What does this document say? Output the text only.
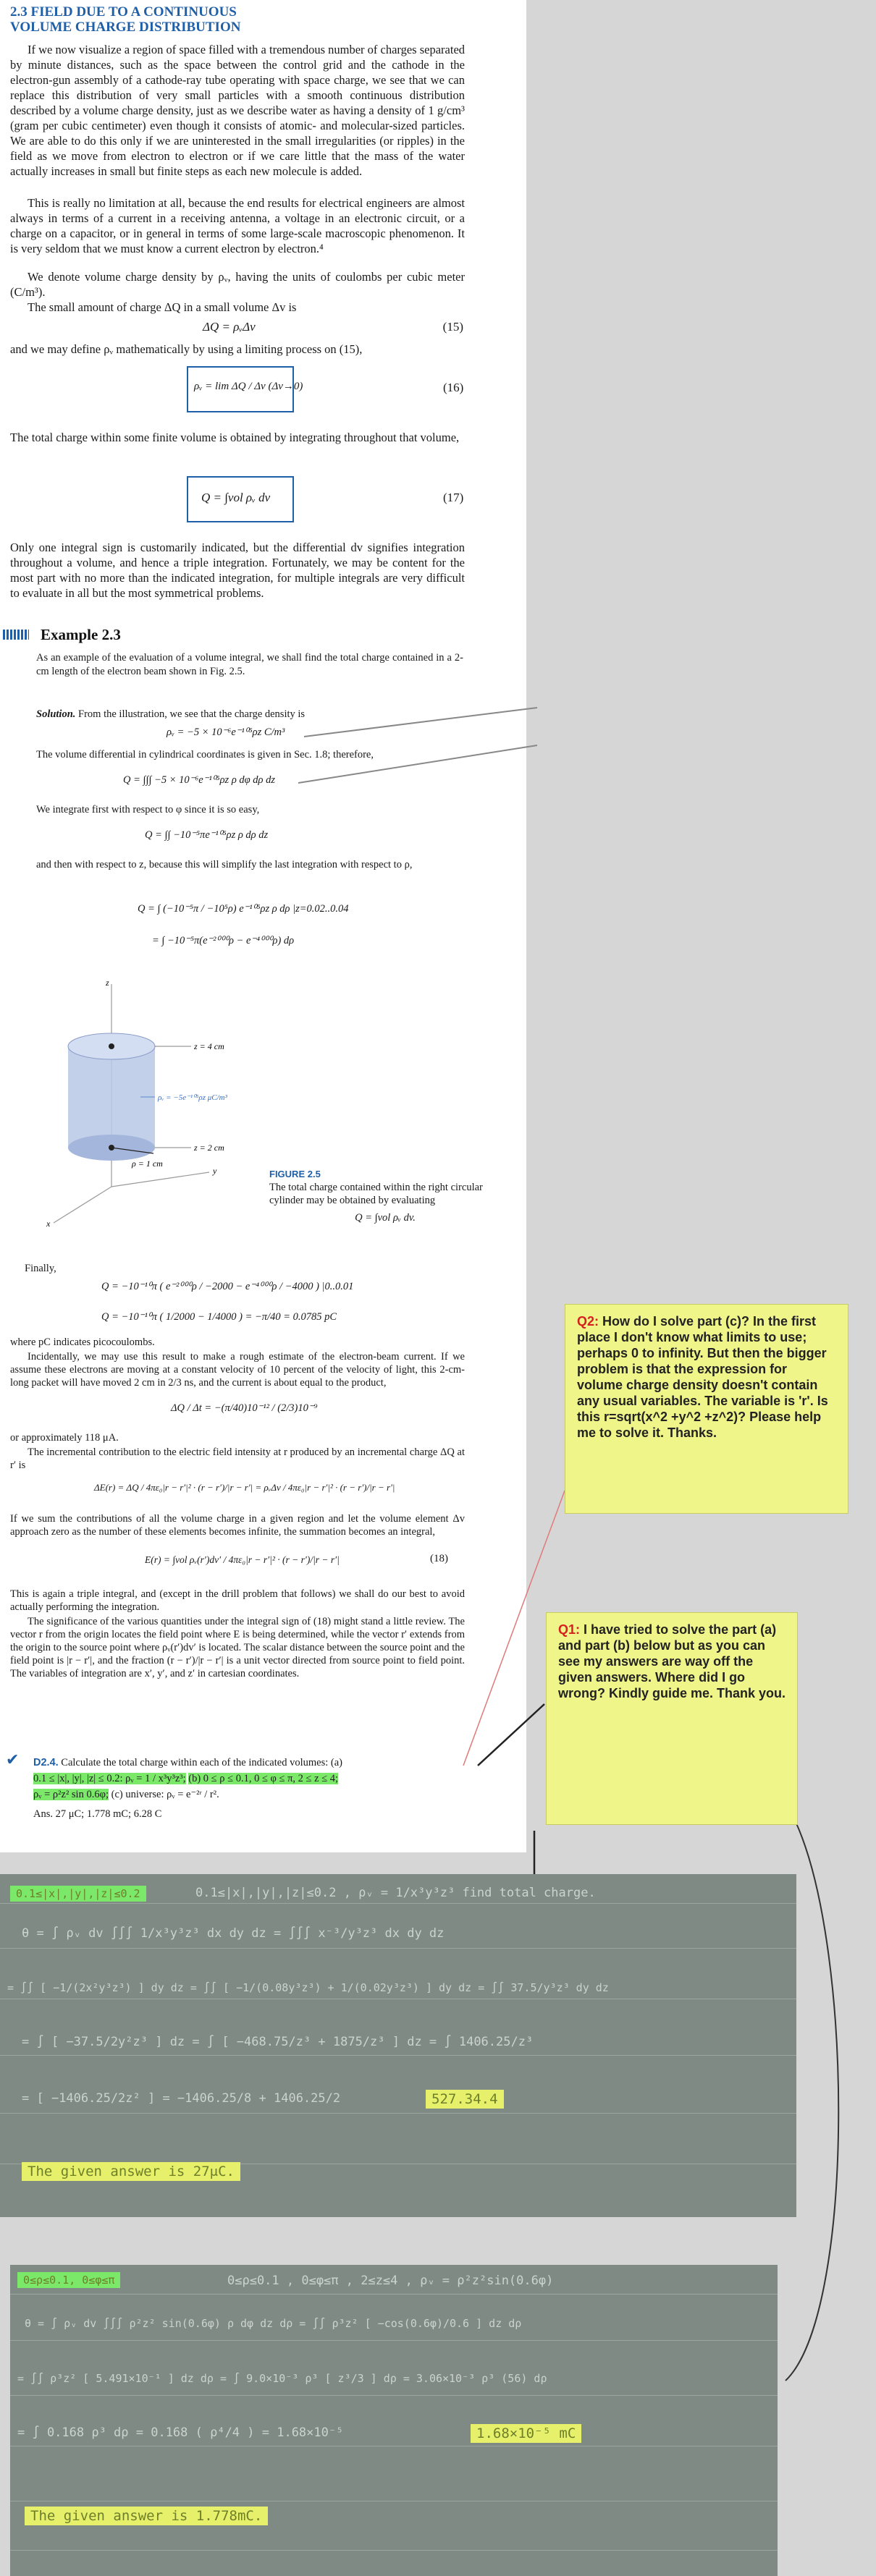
2.3 FIELD DUE TO A CONTINUOUS
VOLUME CHARGE DISTRIBUTION

If we now visualize a region of space filled with a tremendous number of charges separated by minute distances, such as the space between the control grid and the cathode in the electron-gun assembly of a cathode-ray tube operating with space charge, we see that we can replace this distribution of very small particles with a smooth continuous distribution described by a volume charge density, just as we describe water as having a density of 1 g/cm³ (gram per cubic centimeter) even though it consists of atomic- and molecular-sized particles. We are able to do this only if we are uninterested in the small irregularities (or ripples) in the field as we move from electron to electron or if we care little that the mass of the water actually increases in small but finite steps as each new molecule is added.

This is really no limitation at all, because the end results for electrical engineers are almost always in terms of a current in a receiving antenna, a voltage in an electronic circuit, or a charge on a capacitor, or in general in terms of some large-scale macroscopic phenomenon. It is very seldom that we must know a current electron by electron.⁴

We denote volume charge density by ρᵥ, having the units of coulombs per cubic meter (C/m³).

The small amount of charge ΔQ in a small volume Δv is

ΔQ = ρᵥΔv	(15)

and we may define ρᵥ mathematically by using a limiting process on (15),

ρᵥ = lim ΔQ / Δv (Δv→0)	(16)

The total charge within some finite volume is obtained by integrating throughout that volume,

Q = ∫vol ρᵥ dv	(17)

Only one integral sign is customarily indicated, but the differential dv signifies integration throughout a volume, and hence a triple integration. Fortunately, we may be content for the most part with no more than the indicated integration, for multiple integrals are very difficult to evaluate in all but the most symmetrical problems.

Example 2.3

As an example of the evaluation of a volume integral, we shall find the total charge contained in a 2-cm length of the electron beam shown in Fig. 2.5.

Solution. From the illustration, we see that the charge density is

ρᵥ = −5 × 10⁻⁶e⁻¹⁰⁵ρz C/m³

The volume differential in cylindrical coordinates is given in Sec. 1.8; therefore,

Q = ∫∫∫ −5 × 10⁻⁶e⁻¹⁰⁵ρz ρ dφ dρ dz

We integrate first with respect to φ since it is so easy,

Q = ∫∫ −10⁻⁵πe⁻¹⁰⁵ρz ρ dρ dz

and then with respect to z, because this will simplify the last integration with respect to ρ,

Q = ∫ (−10⁻⁵π / −10⁵ρ) e⁻¹⁰⁵ρz ρ dρ |z=0.02..0.04
= ∫ −10⁻⁵π(e⁻²⁰⁰⁰ρ − e⁻⁴⁰⁰⁰ρ) dρ
z = 4 cm
ρᵥ = −5e⁻¹⁰⁵ρz μC/m³
z = 2 cm
ρ = 1 cm
z
y
x
FIGURE 2.5
The total charge contained within the right circular cylinder may be obtained by evaluating
Q = ∫vol ρᵥ dv.

Finally,

Q = −10⁻¹⁰π ( e⁻²⁰⁰⁰ρ / −2000 − e⁻⁴⁰⁰⁰ρ / −4000 ) |0..0.01
Q = −10⁻¹⁰π ( 1/2000 − 1/4000 ) = −π/40 = 0.0785 pC

where pC indicates picocoulombs.

Incidentally, we may use this result to make a rough estimate of the electron-beam current. If we assume these electrons are moving at a constant velocity of 10 percent of the velocity of light, this 2-cm-long packet will have moved 2 cm in 2/3 ns, and the current is about equal to the product,

ΔQ / Δt = −(π/40)10⁻¹² / (2/3)10⁻⁹

or approximately 118 μA.

The incremental contribution to the electric field intensity at r produced by an incremental charge ΔQ at r′ is

ΔE(r) = ΔQ / 4πε₀|r − r′|² · (r − r′)/|r − r′| = ρᵥΔv / 4πε₀|r − r′|² · (r − r′)/|r − r′|

If we sum the contributions of all the volume charge in a given region and let the volume element Δv approach zero as the number of these elements becomes infinite, the summation becomes an integral,

E(r) = ∫vol ρᵥ(r′)dv′ / 4πε₀|r − r′|² · (r − r′)/|r − r′|	(18)

This is again a triple integral, and (except in the drill problem that follows) we shall do our best to avoid actually performing the integration.

The significance of the various quantities under the integral sign of (18) might stand a little review. The vector r from the origin locates the field point where E is being determined, while the vector r′ extends from the origin to the source point where ρᵥ(r′)dv′ is located. The scalar distance between the source point and the field point is |r − r′|, and the fraction (r − r′)/|r − r′| is a unit vector directed from source point to field point. The variables of integration are x′, y′, and z′ in cartesian coordinates.

✔ D2.4. Calculate the total charge within each of the indicated volumes: (a)
0.1 ≤ |x|, |y|, |z| ≤ 0.2: ρᵥ = 1 / x³y³z³; (b) 0 ≤ ρ ≤ 0.1, 0 ≤ φ ≤ π, 2 ≤ z ≤ 4;
ρᵥ = ρ²z² sin 0.6φ; (c) universe: ρᵥ = e⁻²ʳ / r².

Ans. 27 μC; 1.778 mC; 6.28 C

Q2: How do I solve part (c)? In the first place I don't know what limits to use; perhaps 0 to infinity. But then the bigger problem is that the expression for volume charge density doesn't contain any usual variables. The variable is 'r'. Is this r=sqrt(x^2 +y^2 +z^2)? Please help me to solve it. Thanks.
Q1: I have tried to solve the part (a) and part (b) below but as you can see my answers are way off the given answers. Where did I go wrong? Kindly guide me. Thank you.
0.1≤|x|,|y|,|z|≤0.2	0.1≤|x|,|y|,|z|≤0.2 , ρᵥ = 1/x³y³z³ find total charge.
θ = ∫ ρᵥ dv ∫∫∫ 1/x³y³z³ dx dy dz = ∫∫∫ x⁻³/y³z³ dx dy dz
= ∫∫ [ −1/(2x²y³z³) ] dy dz = ∫∫ [ −1/(0.08y³z³) + 1/(0.02y³z³) ] dy dz = ∫∫ 37.5/y³z³ dy dz
= ∫ [ −37.5/2y²z³ ] dz = ∫ [ −468.75/z³ + 1875/z³ ] dz = ∫ 1406.25/z³
= [ −1406.25/2z² ] = −1406.25/8 + 1406.25/2	527.34.4
The given answer is 27μC.
0≤ρ≤0.1, 0≤φ≤π	0≤ρ≤0.1 , 0≤φ≤π , 2≤z≤4 , ρᵥ = ρ²z²sin(0.6φ)
θ = ∫ ρᵥ dv ∫∫∫ ρ²z² sin(0.6φ) ρ dφ dz dρ = ∫∫ ρ³z² [ −cos(0.6φ)/0.6 ] dz dρ
= ∫∫ ρ³z² [ 5.491×10⁻¹ ] dz dρ = ∫ 9.0×10⁻³ ρ³ [ z³/3 ] dρ = 3.06×10⁻³ ρ³ (56) dρ
= ∫ 0.168 ρ³ dρ = 0.168 ( ρ⁴/4 ) = 1.68×10⁻⁵	1.68×10⁻⁵ mC
The given answer is 1.778mC.
